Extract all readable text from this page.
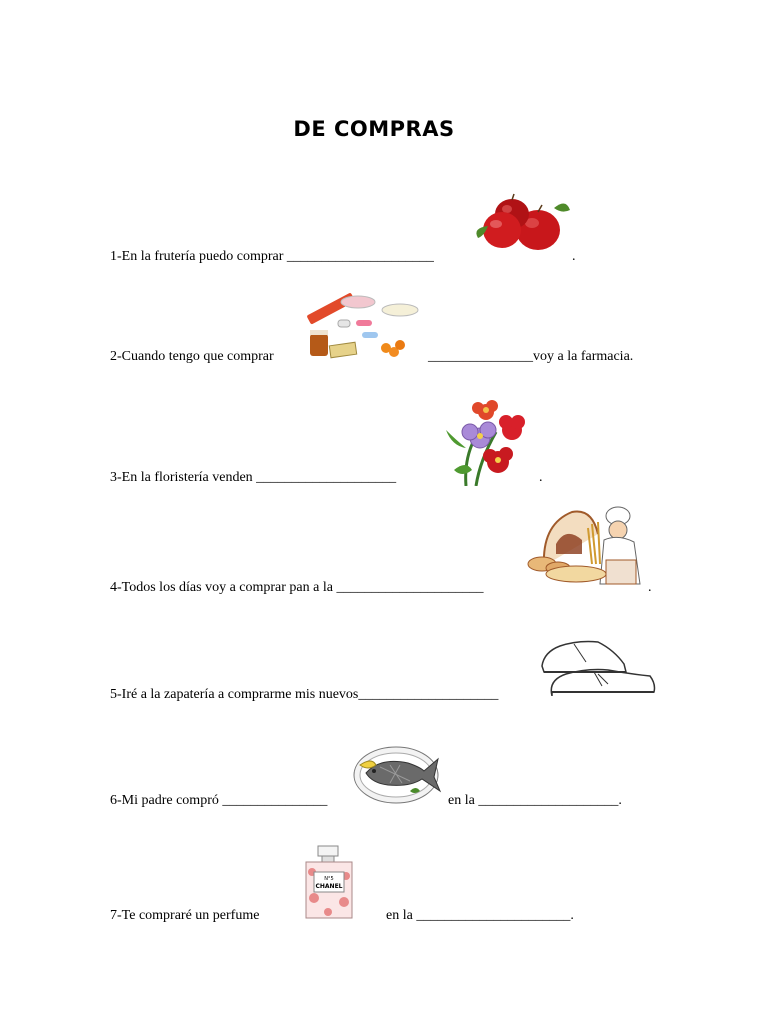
DE COMPRAS
1-En la frutería puedo comprar _____________________	.
2-Cuando tengo que comprar	_______________voy a la farmacia.
3-En la floristería venden ____________________	.
4-Todos los días voy a comprar pan a la _____________________	.
5-Iré a la zapatería a comprarme mis nuevos____________________
6-Mi padre compró _______________	en la ____________________.
7-Te compraré un perfume	en la ______________________.
N°5
CHANEL
